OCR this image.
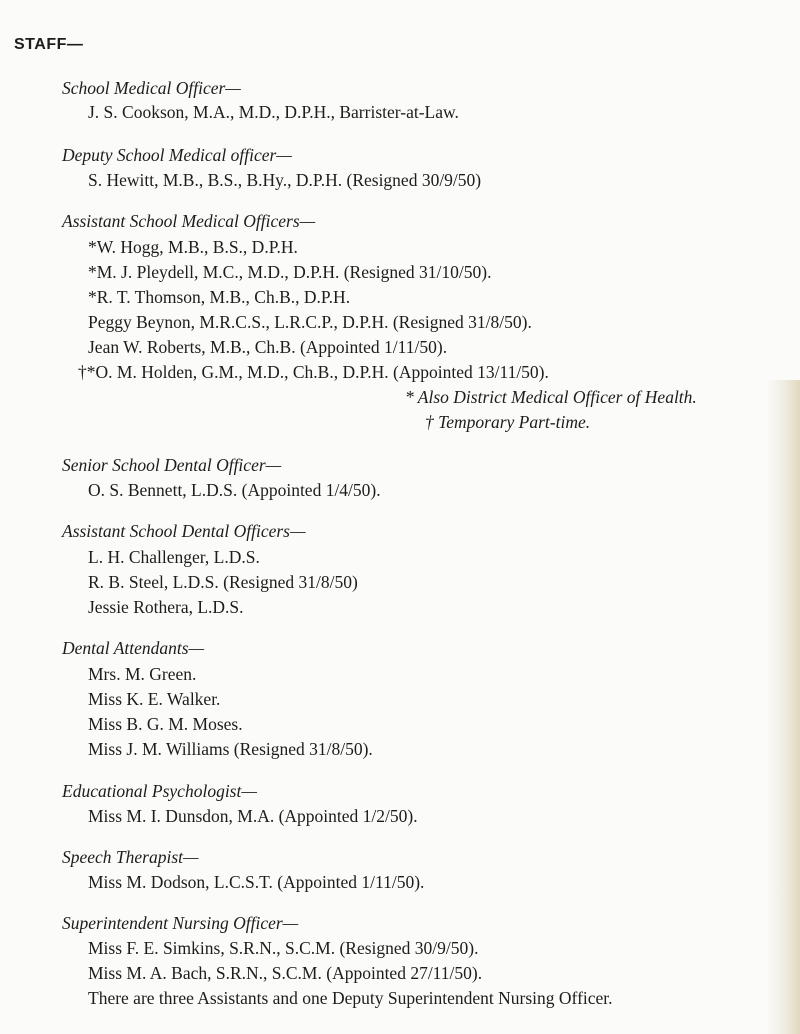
STAFF—
School Medical Officer—
J. S. Cookson, M.A., M.D., D.P.H., Barrister-at-Law.
Deputy School Medical officer—
S. Hewitt, M.B., B.S., B.Hy., D.P.H. (Resigned 30/9/50)
Assistant School Medical Officers—
*W. Hogg, M.B., B.S., D.P.H.
*M. J. Pleydell, M.C., M.D., D.P.H. (Resigned 31/10/50).
*R. T. Thomson, M.B., Ch.B., D.P.H.
Peggy Beynon, M.R.C.S., L.R.C.P., D.P.H. (Resigned 31/8/50).
Jean W. Roberts, M.B., Ch.B. (Appointed 1/11/50).
†*O. M. Holden, G.M., M.D., Ch.B., D.P.H. (Appointed 13/11/50).
* Also District Medical Officer of Health.
† Temporary Part-time.
Senior School Dental Officer—
O. S. Bennett, L.D.S. (Appointed 1/4/50).
Assistant School Dental Officers—
L. H. Challenger, L.D.S.
R. B. Steel, L.D.S. (Resigned 31/8/50)
Jessie Rothera, L.D.S.
Dental Attendants—
Mrs. M. Green.
Miss K. E. Walker.
Miss B. G. M. Moses.
Miss J. M. Williams (Resigned 31/8/50).
Educational Psychologist—
Miss M. I. Dunsdon, M.A. (Appointed 1/2/50).
Speech Therapist—
Miss M. Dodson, L.C.S.T. (Appointed 1/11/50).
Superintendent Nursing Officer—
Miss F. E. Simkins, S.R.N., S.C.M. (Resigned 30/9/50).
Miss M. A. Bach, S.R.N., S.C.M. (Appointed 27/11/50).
There are three Assistants and one Deputy Superintendent Nursing Officer.
